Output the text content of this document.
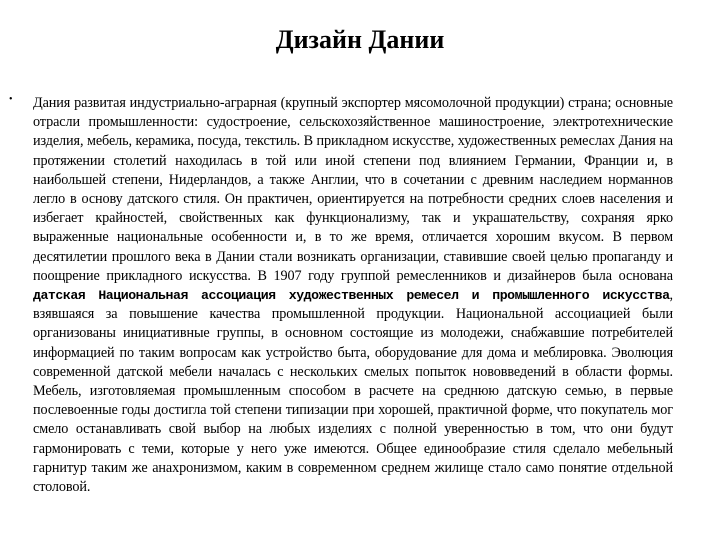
Дизайн Дании
• Дания развитая индустриально-аграрная (крупный экспортер мясомолочной продукции) страна; основные отрасли промышленности: судостроение, сельскохозяйственное машиностроение, электротехнические изделия, мебель, керамика, посуда, текстиль. В прикладном искусстве, художественных ремеслах Дания на протяжении столетий находилась в той или иной степени под влиянием Германии, Франции и, в наибольшей степени, Нидерландов, а также Англии, что в сочетании с древним наследием норманнов легло в основу датского стиля. Он практичен, ориентируется на потребности средних слоев населения и избегает крайностей, свойственных как функционализму, так и украшательству, сохраняя ярко выраженные национальные особенности и, в то же время, отличается хорошим вкусом. В первом десятилетии прошлого века в Дании стали возникать организации, ставившие своей целью пропаганду и поощрение прикладного искусства. В 1907 году группой ремесленников и дизайнеров была основана датская Национальная ассоциация художественных ремесел и промышленного искусства, взявшаяся за повышение качества промышленной продукции. Национальной ассоциацией были организованы инициативные группы, в основном состоящие из молодежи, снабжавшие потребителей информацией по таким вопросам как устройство быта, оборудование для дома и меблировка. Эволюция современной датской мебели началась с нескольких смелых попыток нововведений в области формы. Мебель, изготовляемая промышленным способом в расчете на среднюю датскую семью, в первые послевоенные годы достигла той степени типизации при хорошей, практичной форме, что покупатель мог смело останавливать свой выбор на любых изделиях с полной уверенностью в том, что они будут гармонировать с теми, которые у него уже имеются. Общее единообразие стиля сделало мебельный гарнитур таким же анахронизмом, каким в современном среднем жилище стало само понятие отдельной столовой.
